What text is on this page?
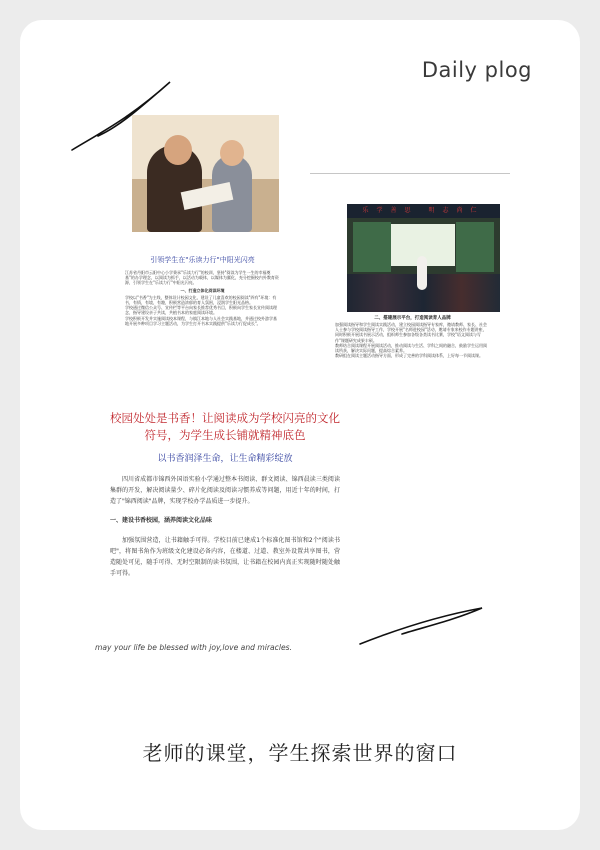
Daily plog
引领学生在"乐读力行"中阳光闪亮

江苏省丹阳市云阳中心小学秉承"乐读力行"的校训，坚持"阅读为学生一生的幸福奠基"的办学理念，以阅读为抓手，以活动为载体，以媒体为翼化，充分挖掘校内外教育资源，引领学生在"乐读力行"中阳光闪亮。

一、打造立体化阅读环境

学校以"书香"为主线，整体设计校园文化，建设了儿童喜欢的校园阅读"四有"环境：有书，有情，有境，有趣，积极营造浓郁的育人氛围，浸润学生阳光品格。

学校通过微信公众号、宣传栏等平台向家长推荐优秀书目，积极向学生家长宣传阅读理念，指导建设亲子共读，共植书本的家庭阅读环境。

学校积极开发并实施阅读校本课程，与镇江本地与人社会实践基地，并通过校外游学基地开展多种项目学习主题活动，为学生打开书本实践提供"乐读力行促成长"。

乐学善思 明志尚仁
二、搭建展示平台，打造阅读育人品牌

加强阅读指导和学生阅读实践活动，建立校园阅读指导专家库，邀请教师、家长、社会人士参与学校阅读指导工作，学校开展"名师进校园"活动，邀请专家来校作专题讲座，同时积极开展读书展示活动，组织师生参加各级各类读书比赛，学校"语文阅读与写作"课题研究成果丰硕。

教师结合阅读课程开展阅读活动，推动阅读与生活、学科之间的融合，鼓励学生运用阅读所获，解决实际问题，提高综合素养。

教研组在阅读主题活动指导方面，形成了完善的学科阅读体系，上好每一节阅读课。

校园处处是书香！让阅读成为学校闪亮的文化符号，为学生成长铺就精神底色
以书香润泽生命，让生命精彩绽放

四川省成都市锦西外国语实验小学通过整本书阅读、群文阅读、锦西晨读三类阅读集群的开发，解决阅读量少、碎片化阅读及阅读习惯养成等问题，用近十年的时间，打造了"锦西阅读"品牌，实现学校办学品质进一步提升。

一、建设书香校园，涵养阅读文化品味

加强氛围营造，让书籍触手可得。学校目前已建成1个标准化图书馆和2个"阅读书吧"，将图书角作为班级文化建设必备内容，在楼道、过道、教室外设置共享图书，营造随处可见，随手可得、无时空限制的读书氛围，让书籍在校园内真正实现随时随处触手可得。

may your life be blessed with joy,love and miracles.
老师的课堂，学生探索世界的窗口
